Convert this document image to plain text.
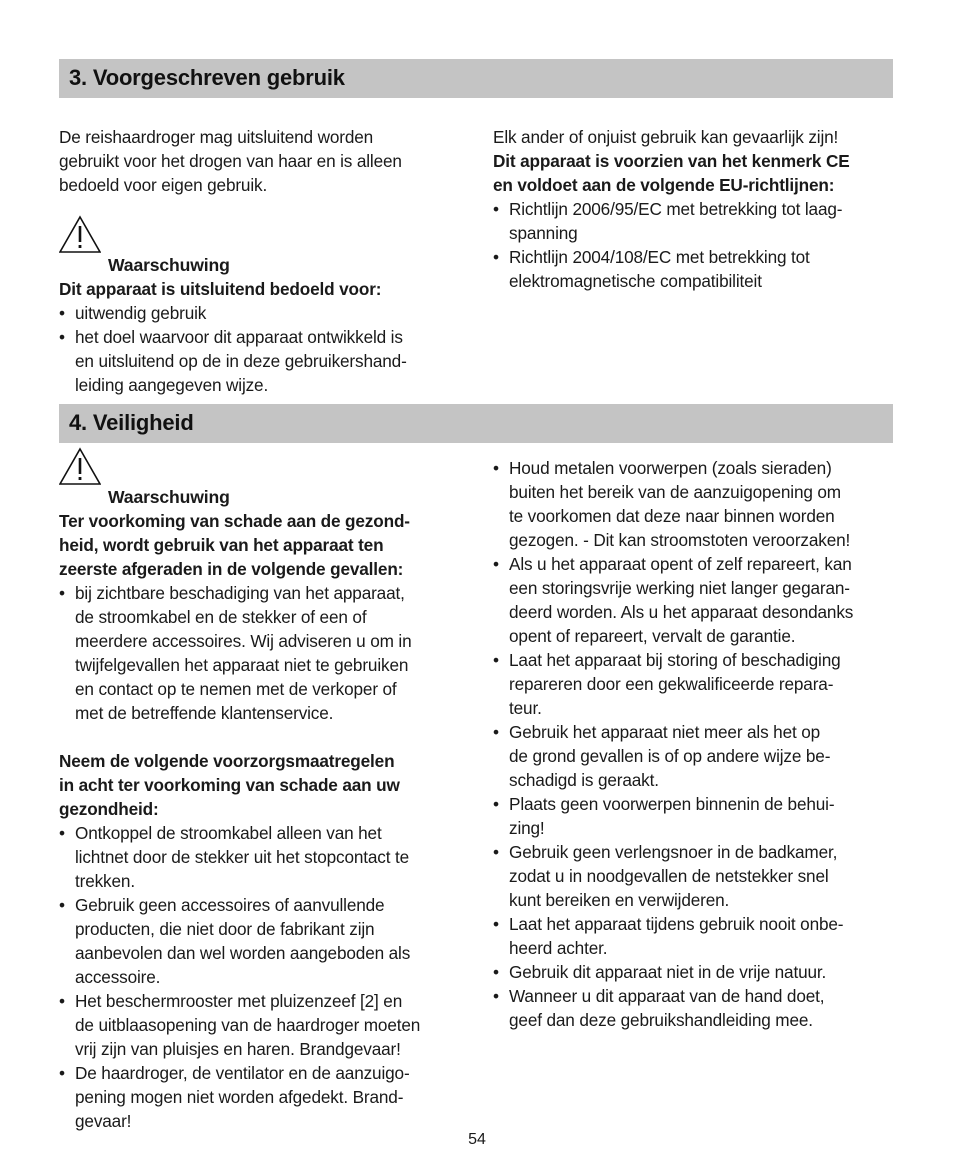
3. Voorgeschreven gebruik

De reishaardroger mag uitsluitend worden
gebruikt voor het drogen van haar en is alleen
bedoeld voor eigen gebruik.

Waarschuwing

Dit apparaat is uitsluitend bedoeld voor:

• uitwendig gebruik
• het doel waarvoor dit apparaat ontwikkeld is
en uitsluitend op de in deze gebruikershand-
leiding aangegeven wijze.

Elk ander of onjuist gebruik kan gevaarlijk zijn!

Dit apparaat is voorzien van het kenmerk CE
en voldoet aan de volgende EU-richtlijnen:

• Richtlijn 2006/95/EC met betrekking tot laag-
spanning
• Richtlijn 2004/108/EC met betrekking tot
elektromagnetische compatibiliteit
4. Veiligheid
Waarschuwing

Ter voorkoming van schade aan de gezond-
heid, wordt gebruik van het apparaat ten
zeerste afgeraden in de volgende gevallen:

• bij zichtbare beschadiging van het apparaat,
de stroomkabel en de stekker of een of
meerdere accessoires. Wij adviseren u om in
twijfelgevallen het apparaat niet te gebruiken
en contact op te nemen met de verkoper of
met de betreffende klantenservice.

Neem de volgende voorzorgsmaatregelen
in acht ter voorkoming van schade aan uw
gezondheid:

• Ontkoppel de stroomkabel alleen van het
lichtnet door de stekker uit het stopcontact te
trekken.
• Gebruik geen accessoires of aanvullende
producten, die niet door de fabrikant zijn
aanbevolen dan wel worden aangeboden als
accessoire.
• Het beschermrooster met pluizenzeef [2] en
de uitblaasopening van de haardroger moeten
vrij zijn van pluisjes en haren. Brandgevaar!
• De haardroger, de ventilator en de aanzuigo-
pening mogen niet worden afgedekt. Brand-
gevaar!
• Houd metalen voorwerpen (zoals sieraden)
buiten het bereik van de aanzuigopening om
te voorkomen dat deze naar binnen worden
gezogen. - Dit kan stroomstoten veroorzaken!
• Als u het apparaat opent of zelf repareert, kan
een storingsvrije werking niet langer gegaran-
deerd worden. Als u het apparaat desondanks
opent of repareert, vervalt de garantie.
• Laat het apparaat bij storing of beschadiging
repareren door een gekwalificeerde repara-
teur.
• Gebruik het apparaat niet meer als het op
de grond gevallen is of op andere wijze be-
schadigd is geraakt.
• Plaats geen voorwerpen binnenin de behui-
zing!
• Gebruik geen verlengsnoer in de badkamer,
zodat u in noodgevallen de netstekker snel
kunt bereiken en verwijderen.
• Laat het apparaat tijdens gebruik nooit onbe-
heerd achter.
• Gebruik dit apparaat niet in de vrije natuur.
• Wanneer u dit apparaat van de hand doet,
geef dan deze gebruikshandleiding mee.
54
